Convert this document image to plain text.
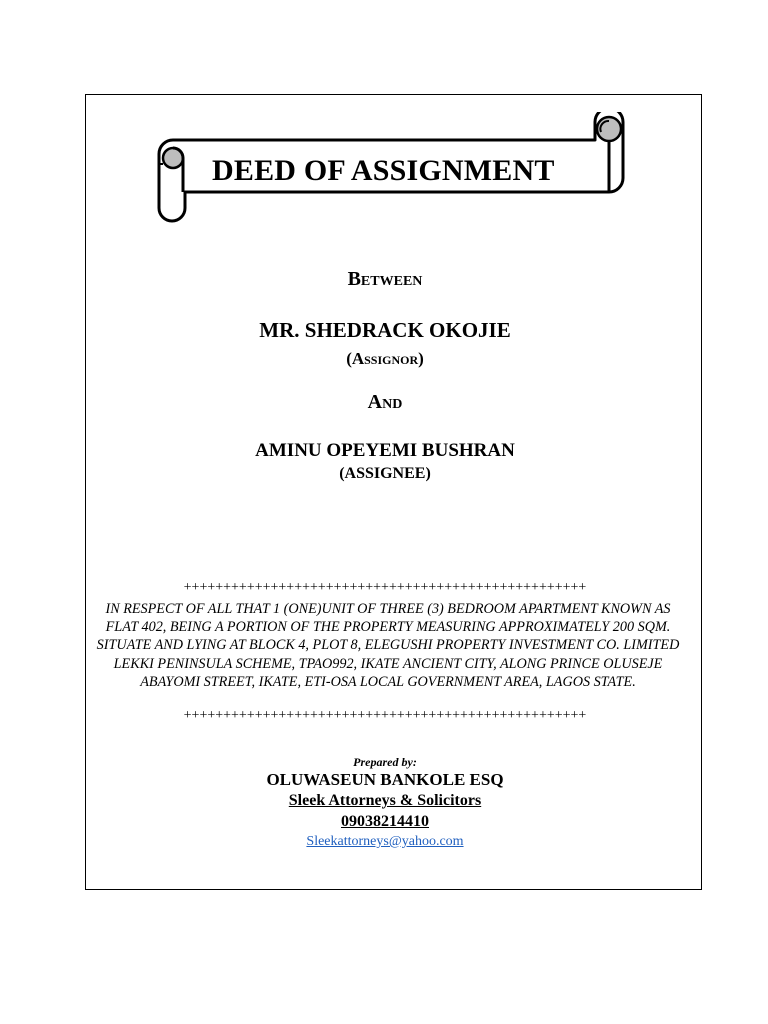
DEED OF ASSIGNMENT
Between
MR. SHEDRACK OKOJIE
(Assignor)
And
AMINU OPEYEMI BUSHRAN
(ASSIGNEE)
+++++++++++++++++++++++++++++++++++++++++++++++++++
IN RESPECT OF ALL THAT 1 (ONE)UNIT OF THREE (3) BEDROOM APARTMENT KNOWN AS FLAT 402, BEING A PORTION OF THE PROPERTY MEASURING APPROXIMATELY 200 SQM. SITUATE AND LYING AT BLOCK 4, PLOT 8, ELEGUSHI PROPERTY INVESTMENT CO. LIMITED LEKKI PENINSULA SCHEME, TPAO992, IKATE ANCIENT CITY, ALONG PRINCE OLUSEJE ABAYOMI STREET, IKATE, ETI-OSA LOCAL GOVERNMENT AREA, LAGOS STATE.
+++++++++++++++++++++++++++++++++++++++++++++++++++
Prepared by:
OLUWASEUN BANKOLE ESQ
Sleek Attorneys & Solicitors
09038214410
Sleekattorneys@yahoo.com
